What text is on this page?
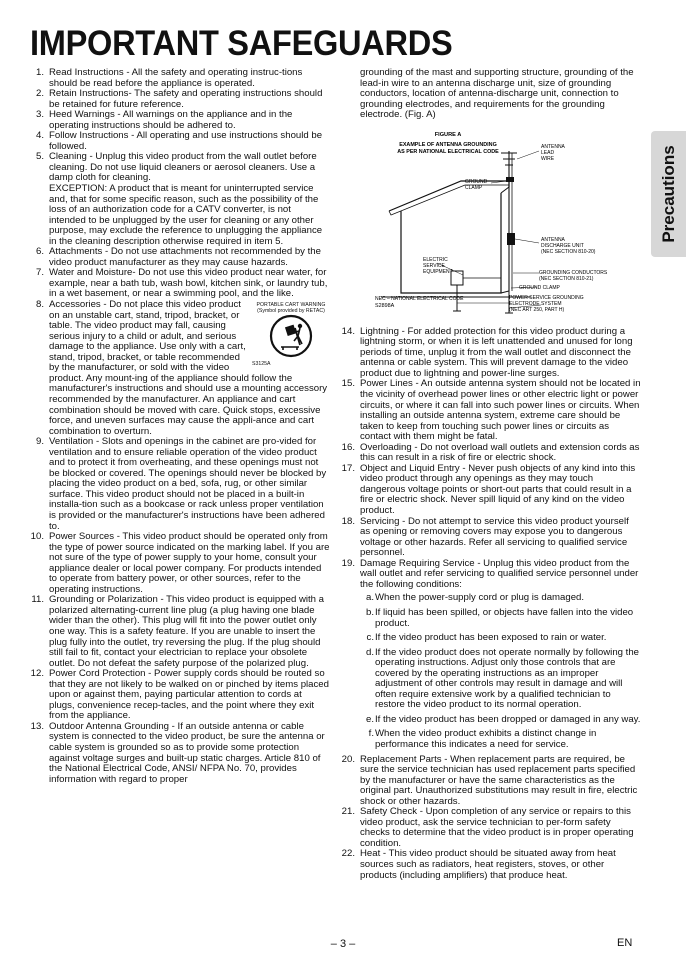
IMPORTANT SAFEGUARDS
1. Read Instructions - All the safety and operating instruc-tions should be read before the appliance is operated.
2. Retain Instructions- The safety and operating instructions should be retained for future reference.
3. Heed Warnings - All warnings on the appliance and in the operating instructions should be adhered to.
4. Follow Instructions - All operating and use instructions should be followed.
5. Cleaning - Unplug this video product from the wall outlet before cleaning. Do not use liquid cleaners or aerosol cleaners. Use a damp cloth for cleaning.

EXCEPTION: A product that is meant for uninterrupted service and, that for some specific reason, such as the possibility of the loss of an authorization code for a CATV converter, is not intended to be unplugged by the user for cleaning or any other purpose, may exclude the reference to unplugging the appliance in the cleaning description otherwise required in item 5.

6. Attachments - Do not use attachments not recommended by the video product manufacturer as they may cause hazards.
7. Water and Moisture- Do not use this video product near water, for example, near a bath tub, wash bowl, kitchen sink, or laundry tub, in a wet basement, or near a swimming pool, and the like.
8.	PORTABLE CART WARNING
(Symbol provided by RETAC)
S3125A
Accessories - Do not place this video product on an unstable cart, stand, tripod, bracket, or table. The video product may fall, causing serious injury to a child or adult, and serious damage to the appliance. Use only with a cart, stand, tripod, bracket, or table recommended by the manufacturer, or sold with the video product. Any mount-ing of the appliance should follow the manufacturer's instructions and should use a mounting accessory recommended by the manufacturer. An appliance and cart combination should be moved with care. Quick stops, excessive force, and uneven surfaces may cause the appli-ance and cart combination to overturn.
9. Ventilation - Slots and openings in the cabinet are pro-vided for ventilation and to ensure reliable operation of the video product and to protect it from overheating, and these openings must not be blocked or covered. The openings should never be blocked by placing the video product on a bed, sofa, rug, or other similar surface. This video product should not be placed in a built-in installa-tion such as a bookcase or rack unless proper ventilation is provided or the manufacturer's instructions have been adhered to.
10. Power Sources - This video product should be operated only from the type of power source indicated on the marking label. If you are not sure of the type of power supply to your home, consult your appliance dealer or local power company. For products intended to operate from battery power, or other sources, refer to the operating instructions.
11. Grounding or Polarization - This video product is equipped with a polarized alternating-current line plug (a plug having one blade wider than the other). This plug will fit into the power outlet only one way. This is a safety feature. If you are unable to insert the plug fully into the outlet, try reversing the plug. If the plug should still fail to fit, contact your electrician to replace your obsolete outlet. Do not defeat the safety purpose of the polarized plug.
12. Power Cord Protection - Power supply cords should be routed so that they are not likely to be walked on or pinched by items placed upon or against them, paying particular attention to cords at plugs, convenience recep-tacles, and the point where they exit from the appliance.
13. Outdoor Antenna Grounding - If an outside antenna or cable system is connected to the video product, be sure the antenna or cable system is grounded so as to provide some protection against voltage surges and built-up static charges. Article 810 of the National Electrical Code, ANSI/ NFPA No. 70, provides information with regard to proper
grounding of the mast and supporting structure, grounding of the lead-in wire to an antenna discharge unit, size of grounding conductors, location of antenna-discharge unit, connection to grounding electrodes, and requirements for the grounding electrode. (Fig. A)
FIGURE A
EXAMPLE OF ANTENNA GROUNDING
AS PER NATIONAL ELECTRICAL CODE
ANTENNA LEAD WIRE
GROUND CLAMP
ANTENNA DISCHARGE UNIT (NEC SECTION 810-20)
ELECTRIC SERVICE EQUIPMENT	GROUNDING CONDUCTORS (NEC SECTION 810-21)
GROUND CLAMP
NEC – NATIONAL ELECTRICAL CODE
S2898A
POWER SERVICE GROUNDING ELECTRODE SYSTEM (NEC ART 250, PART H)
14. Lightning - For added protection for this video product during a lightning storm, or when it is left unattended and unused for long periods of time, unplug it from the wall outlet and disconnect the antenna or cable system. This will prevent damage to the video product due to lightning and power-line surges.
15. Power Lines - An outside antenna system should not be located in the vicinity of overhead power lines or other electric light or power circuits, or where it can fall into such power lines or circuits. When installing an outside antenna system, extreme care should be taken to keep from touching such power lines or circuits as contact with them might be fatal.
16. Overloading - Do not overload wall outlets and extension cords as this can result in a risk of fire or electric shock.
17. Object and Liquid Entry - Never push objects of any kind into this video product through any openings as they may touch dangerous voltage points or short-out parts that could result in a fire or electric shock. Never spill liquid of any kind on the video product.
18. Servicing - Do not attempt to service this video product yourself as opening or removing covers may expose you to dangerous voltage or other hazards. Refer all servicing to qualified service personnel.
19. Damage Requiring Service - Unplug this video product from the wall outlet and refer servicing to qualified service personnel under the following conditions:
a. When the power-supply cord or plug is damaged.
b. If liquid has been spilled, or objects have fallen into the video product.
c. If the video product has been exposed to rain or water.
d. If the video product does not operate normally by following the operating instructions. Adjust only those controls that are covered by the operating instructions as an improper adjustment of other controls may result in damage and will often require extensive work by a qualified technician to restore the video product to its normal operation.
e. If the video product has been dropped or damaged in any way.
f. When the video product exhibits a distinct change in performance this indicates a need for service.
20. Replacement Parts - When replacement parts are required, be sure the service technician has used replacement parts specified by the manufacturer or have the same characteristics as the original part. Unauthorized substitutions may result in fire, electric shock or other hazards.
21. Safety Check - Upon completion of any service or repairs to this video product, ask the service technician to per-form safety checks to determine that the video product is in proper operating condition.
22. Heat - This video product should be situated away from heat sources such as radiators, heat registers, stoves, or other products (including amplifiers) that produce heat.
Precautions
– 3 –	EN
